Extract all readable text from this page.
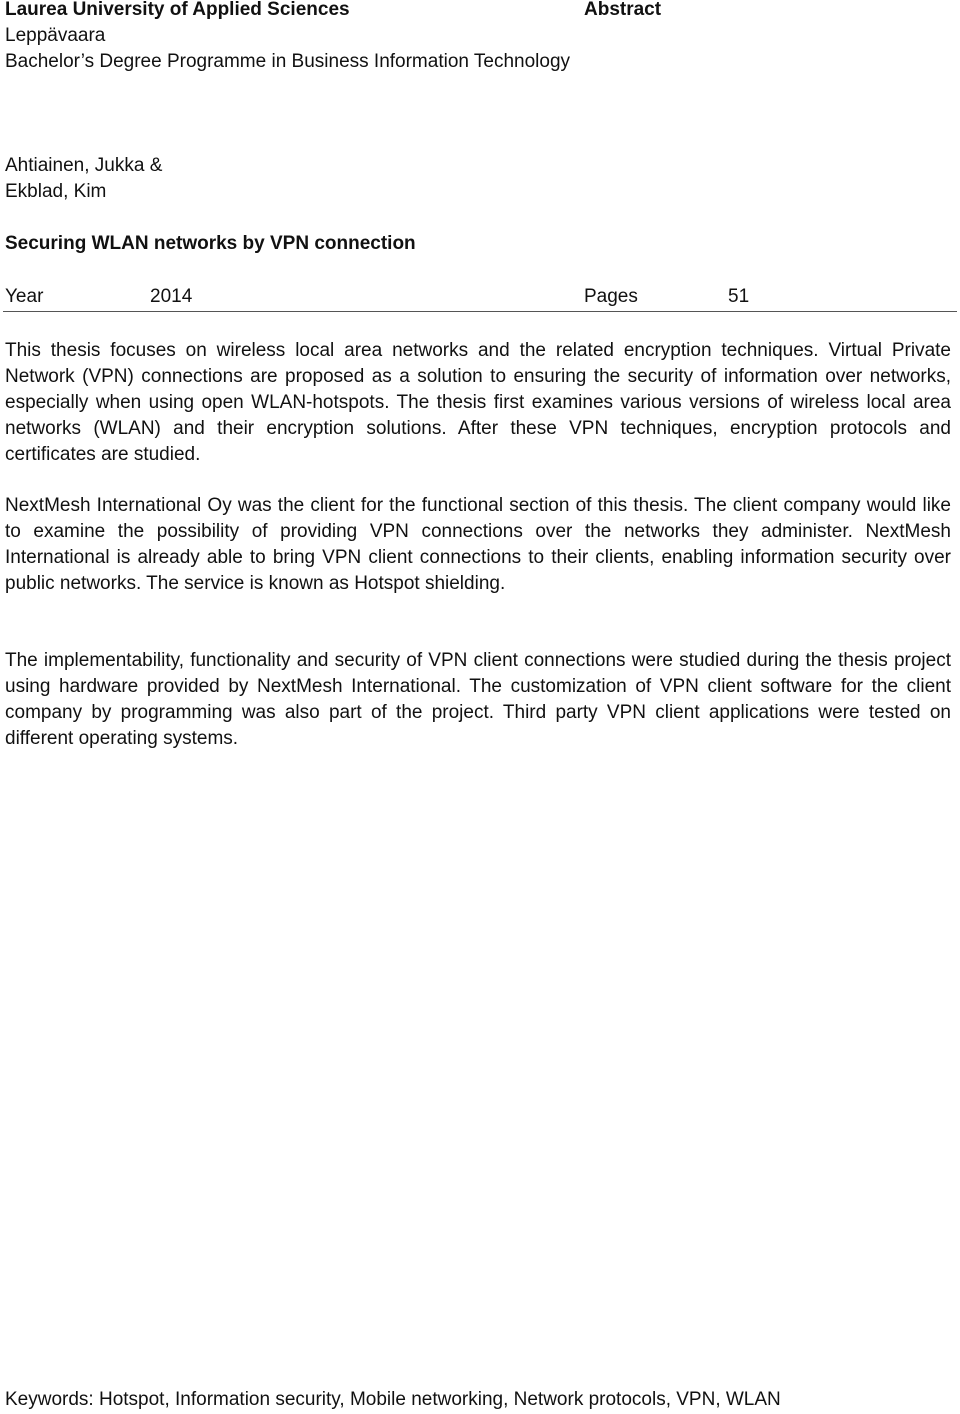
Laurea University of Applied Sciences	Abstract
Leppävaara
Bachelor’s Degree Programme in Business Information Technology
Ahtiainen, Jukka &
Ekblad, Kim
Securing WLAN networks by VPN connection
Year	2014	Pages	51

This thesis focuses on wireless local area networks and the related encryption techniques. Virtual Private Network (VPN) connections are proposed as a solution to ensuring the security of information over networks, especially when using open WLAN-hotspots. The thesis first examines various versions of wireless local area networks (WLAN) and their encryption solutions. After these VPN techniques, encryption protocols and certificates are studied.

NextMesh International Oy was the client for the functional section of this thesis. The client company would like to examine the possibility of providing VPN connections over the networks they administer. NextMesh International is already able to bring VPN client connections to their clients, enabling information security over public networks. The service is known as Hotspot shielding.

The implementability, functionality and security of VPN client connections were studied during the thesis project using hardware provided by NextMesh International. The customization of VPN client software for the client company by programming was also part of the project. Third party VPN client applications were tested on different operating systems.

Keywords: Hotspot, Information security, Mobile networking, Network protocols, VPN, WLAN
